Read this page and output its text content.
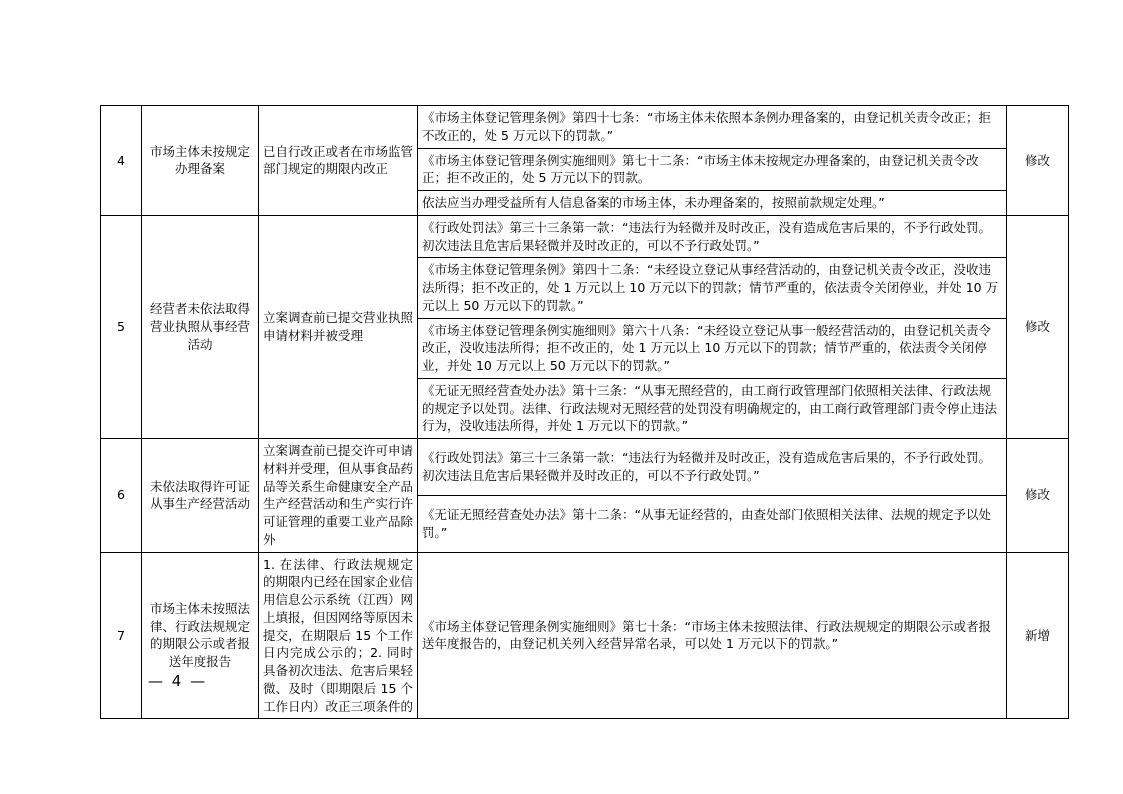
4	市场主体未按规定办理备案	已自行改正或者在市场监管部门规定的期限内改正	《市场主体登记管理条例》第四十七条：“市场主体未依照本条例办理备案的，由登记机关责令改正；拒不改正的，处 5 万元以下的罚款。”	修改
			《市场主体登记管理条例实施细则》第七十二条：“市场主体未按规定办理备案的，由登记机关责令改正；拒不改正的，处 5 万元以下的罚款。	
			依法应当办理受益所有人信息备案的市场主体，未办理备案的，按照前款规定处理。”	
5	经营者未依法取得营业执照从事经营活动	立案调查前已提交营业执照申请材料并被受理	《行政处罚法》第三十三条第一款：“违法行为轻微并及时改正，没有造成危害后果的，不予行政处罚。初次违法且危害后果轻微并及时改正的，可以不予行政处罚。”	修改
			《市场主体登记管理条例》第四十二条：“未经设立登记从事经营活动的，由登记机关责令改正，没收违法所得；拒不改正的，处 1 万元以上 10 万元以下的罚款；情节严重的，依法责令关闭停业，并处 10 万元以上 50 万元以下的罚款。”	
			《市场主体登记管理条例实施细则》第六十八条：“未经设立登记从事一般经营活动的，由登记机关责令改正，没收违法所得；拒不改正的，处 1 万元以上 10 万元以下的罚款；情节严重的，依法责令关闭停业，并处 10 万元以上 50 万元以下的罚款。”	
			《无证无照经营查处办法》第十三条：“从事无照经营的，由工商行政管理部门依照相关法律、行政法规的规定予以处罚。法律、行政法规对无照经营的处罚没有明确规定的，由工商行政管理部门责令停止违法行为，没收违法所得，并处 1 万元以下的罚款。”	
6	未依法取得许可证从事生产经营活动	立案调查前已提交许可申请材料并受理，但从事食品药品等关系生命健康安全产品生产经营活动和生产实行许可证管理的重要工业产品除外	《行政处罚法》第三十三条第一款：“违法行为轻微并及时改正，没有造成危害后果的，不予行政处罚。初次违法且危害后果轻微并及时改正的，可以不予行政处罚。”	修改
			《无证无照经营查处办法》第十二条：“从事无证经营的，由查处部门依照相关法律、法规的规定予以处罚。”	
7	市场主体未按照法律、行政法规规定的期限公示或者报送年度报告	1. 在法律、行政法规规定的期限内已经在国家企业信用信息公示系统（江西）网上填报，但因网络等原因未提交，在期限后 15 个工作日内完成公示的；2. 同时具备初次违法、危害后果轻微、及时（即期限后 15 个工作日内）改正三项条件的	《市场主体登记管理条例实施细则》第七十条：“市场主体未按照法律、行政法规规定的期限公示或者报送年度报告的，由登记机关列入经营异常名录，可以处 1 万元以下的罚款。”	新增
— 4 —
